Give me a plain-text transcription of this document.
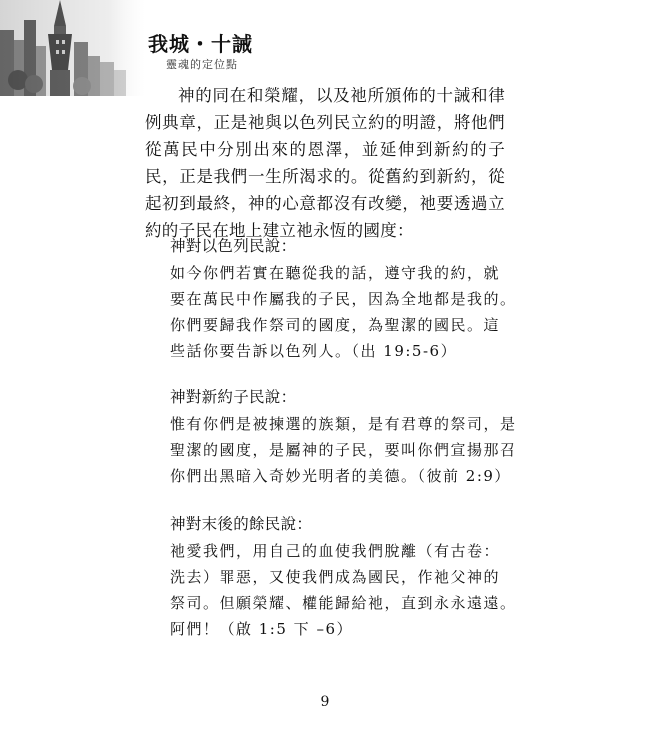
我城・十誡
靈魂的定位點

神的同在和榮耀，以及祂所頒佈的十誡和律例典章，正是祂與以色列民立約的明證，將他們從萬民中分別出來的恩澤，並延伸到新約的子民，正是我們一生所渴求的。從舊約到新約，從起初到最終，神的心意都沒有改變，祂要透過立約的子民在地上建立祂永恆的國度：

神對以色列民說：
如今你們若實在聽從我的話，遵守我的約，就
要在萬民中作屬我的子民，因為全地都是我的。
你們要歸我作祭司的國度，為聖潔的國民。這
些話你要告訴以色列人。（出 19:5-6）
神對新約子民說：
惟有你們是被揀選的族類，是有君尊的祭司，是
聖潔的國度，是屬神的子民，要叫你們宣揚那召
你們出黑暗入奇妙光明者的美德。（彼前 2:9）
神對末後的餘民說：
祂愛我們，用自己的血使我們脫離（有古卷：
洗去）罪惡，又使我們成為國民，作祂父神的
祭司。但願榮耀、權能歸給祂，直到永永遠遠。
阿們！（啟 1:5 下 –6）
9
